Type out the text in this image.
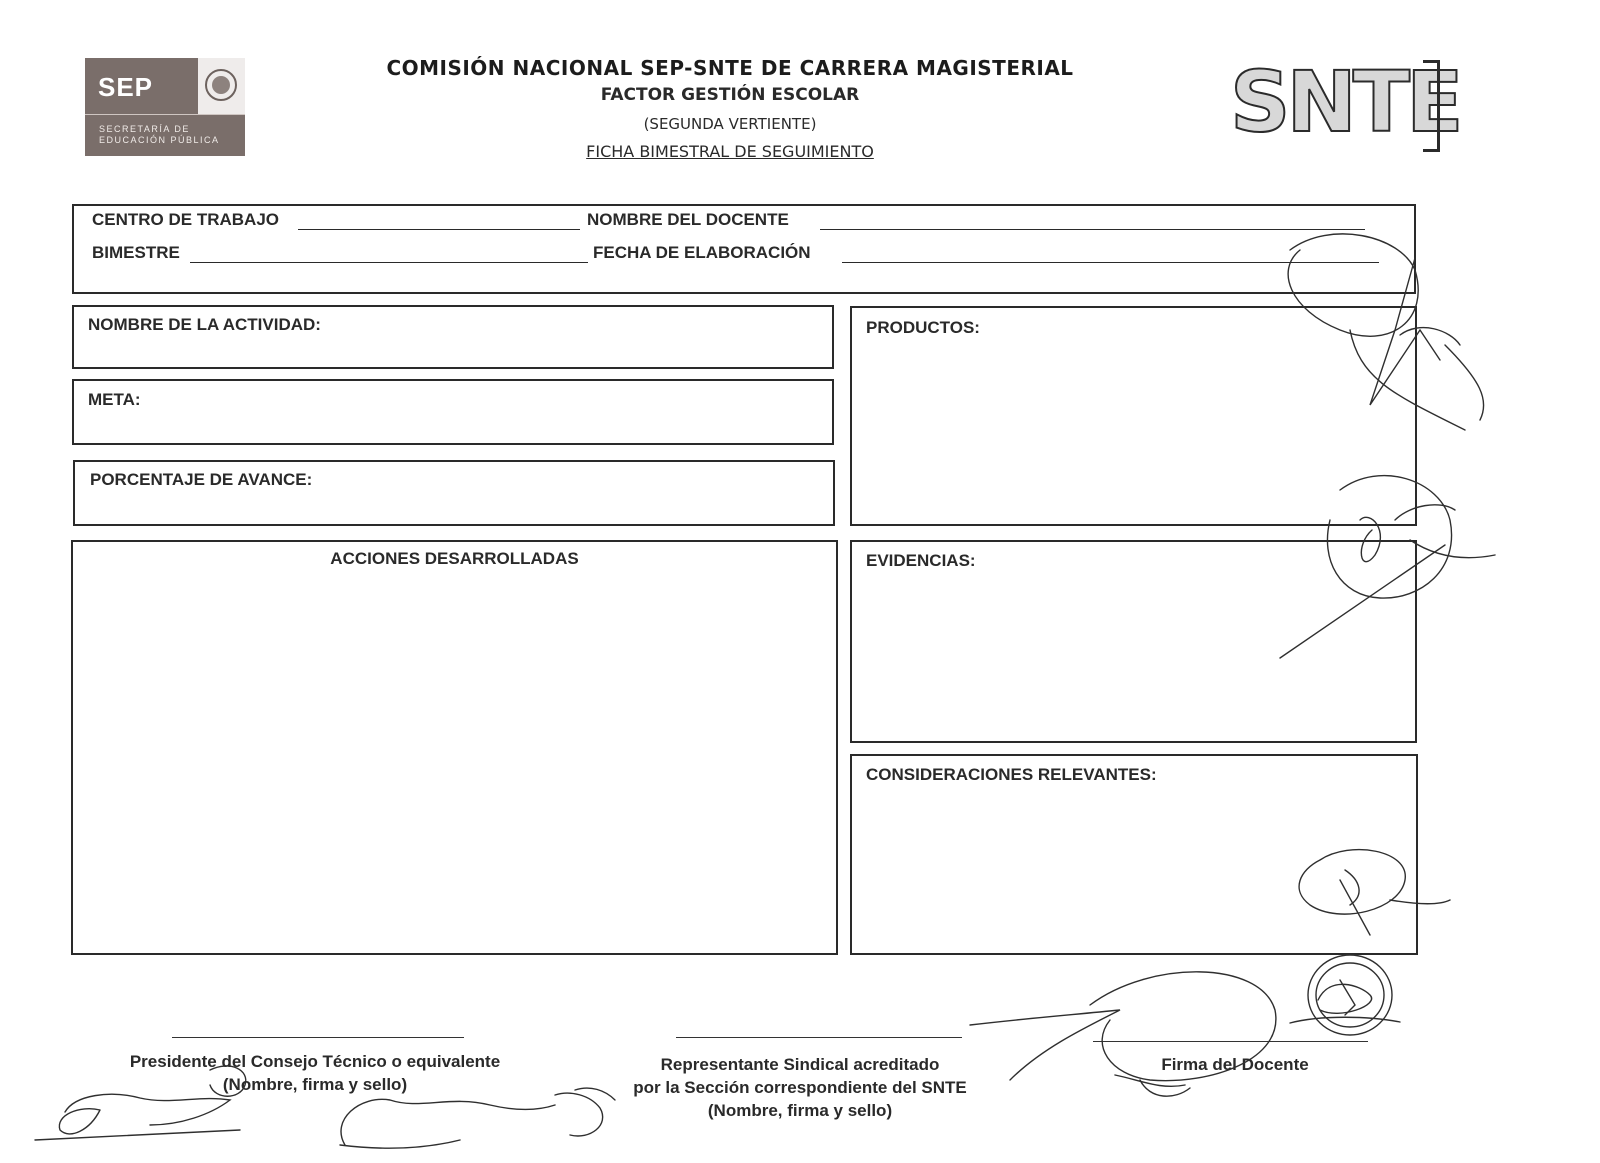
SEP
SECRETARÍA DE
EDUCACIÓN PÚBLICA
COMISIÓN NACIONAL SEP-SNTE DE CARRERA MAGISTERIAL
FACTOR GESTIÓN ESCOLAR
(SEGUNDA VERTIENTE)
FICHA BIMESTRAL DE SEGUIMIENTO
SNTE
CENTRO DE TRABAJO	NOMBRE DEL DOCENTE
BIMESTRE	FECHA DE ELABORACIÓN
NOMBRE DE LA ACTIVIDAD:
META:
PORCENTAJE DE AVANCE:
ACCIONES DESARROLLADAS
PRODUCTOS:
EVIDENCIAS:
CONSIDERACIONES RELEVANTES:
Presidente del Consejo Técnico o equivalente
(Nombre, firma y sello)
Representante Sindical acreditado
por la Sección correspondiente del SNTE
(Nombre, firma y sello)
Firma del Docente
